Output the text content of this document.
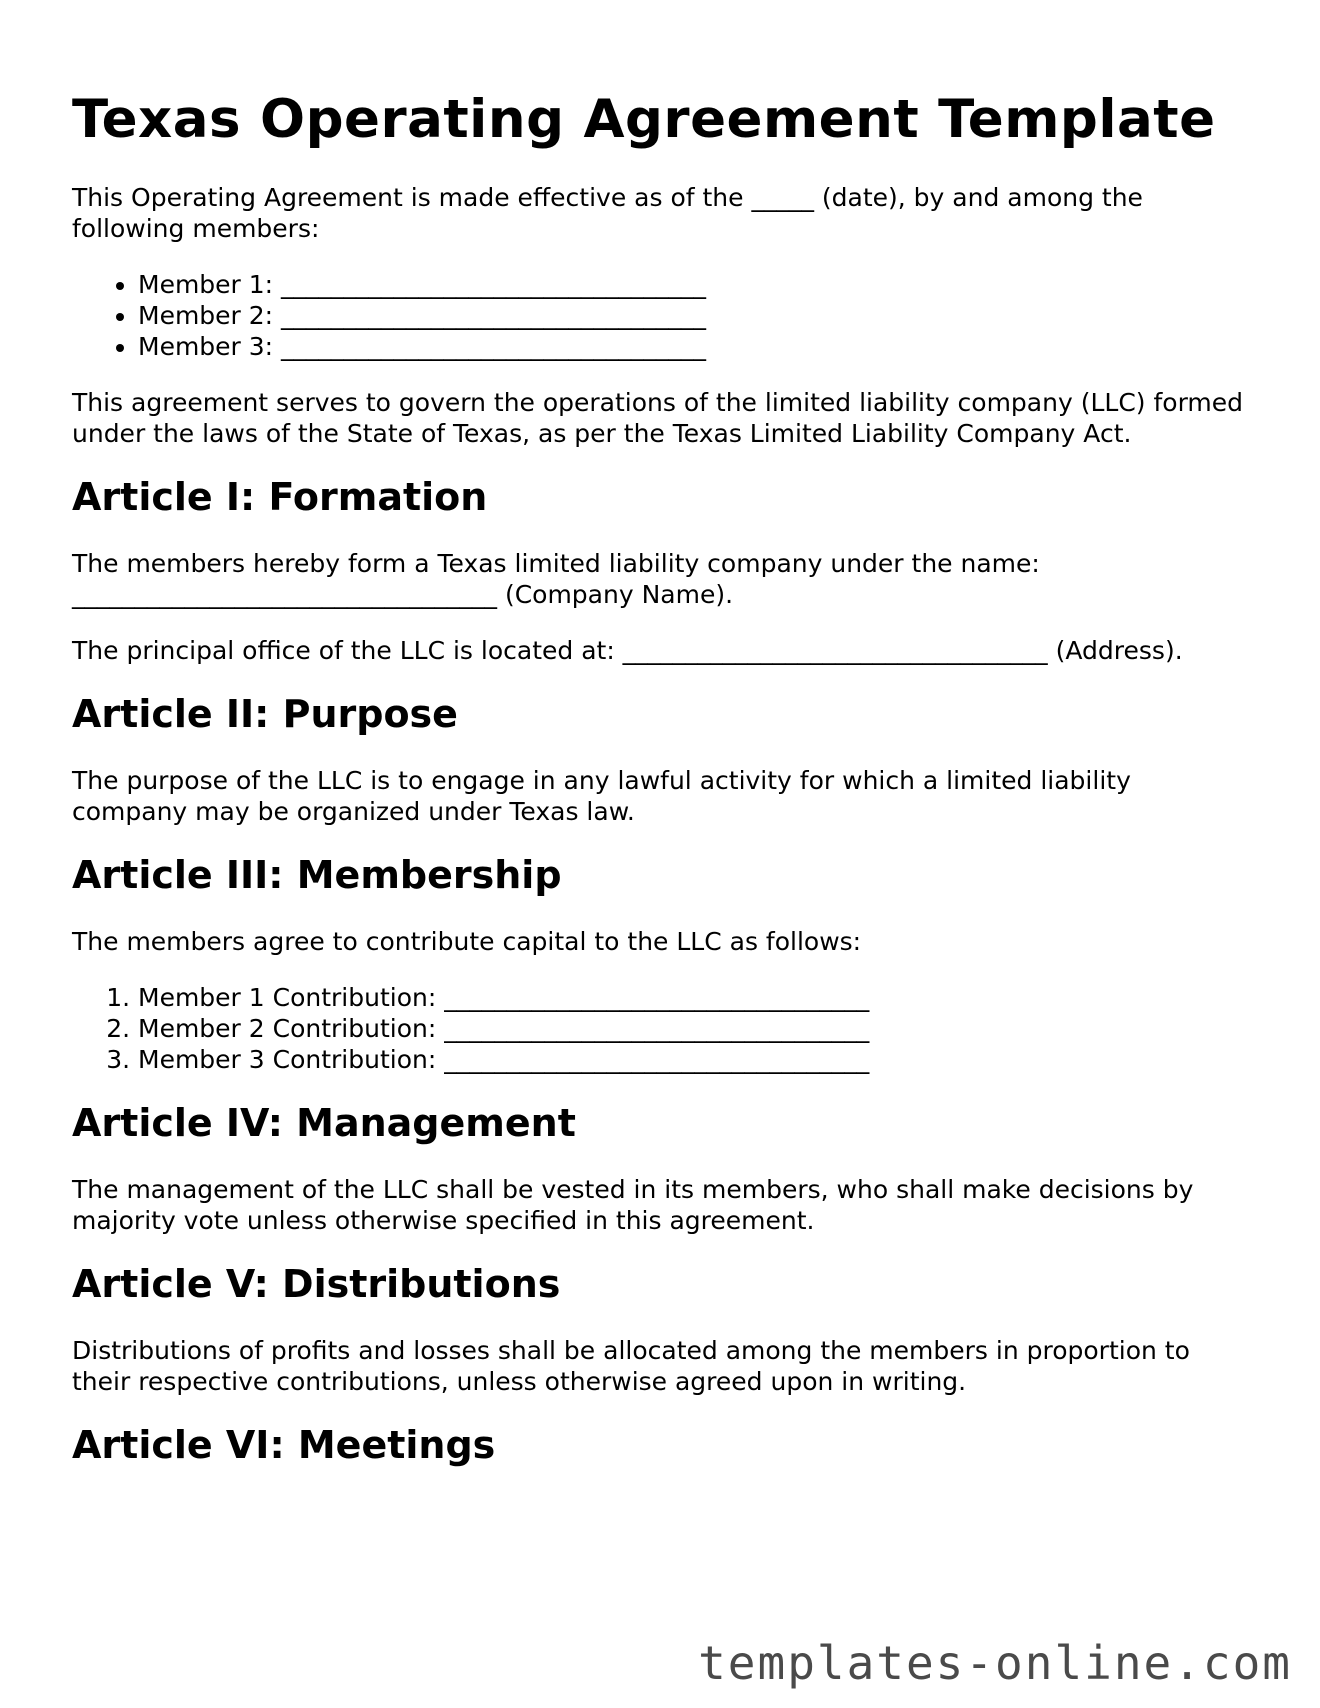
Texas Operating Agreement Template

This Operating Agreement is made effective as of the _____ (date), by and among the following members:

• Member 1: __________________________________
• Member 2: __________________________________
• Member 3: __________________________________

This agreement serves to govern the operations of the limited liability company (LLC) formed under the laws of the State of Texas, as per the Texas Limited Liability Company Act.

Article I: Formation

The members hereby form a Texas limited liability company under the name: __________________________________ (Company Name).

The principal office of the LLC is located at: __________________________________ (Address).

Article II: Purpose

The purpose of the LLC is to engage in any lawful activity for which a limited liability company may be organized under Texas law.

Article III: Membership

The members agree to contribute capital to the LLC as follows:

1. Member 1 Contribution: __________________________________
2. Member 2 Contribution: __________________________________
3. Member 3 Contribution: __________________________________
Article IV: Management

The management of the LLC shall be vested in its members, who shall make decisions by majority vote unless otherwise specified in this agreement.

Article V: Distributions

Distributions of profits and losses shall be allocated among the members in proportion to their respective contributions, unless otherwise agreed upon in writing.

Article VI: Meetings
templates-online.com
